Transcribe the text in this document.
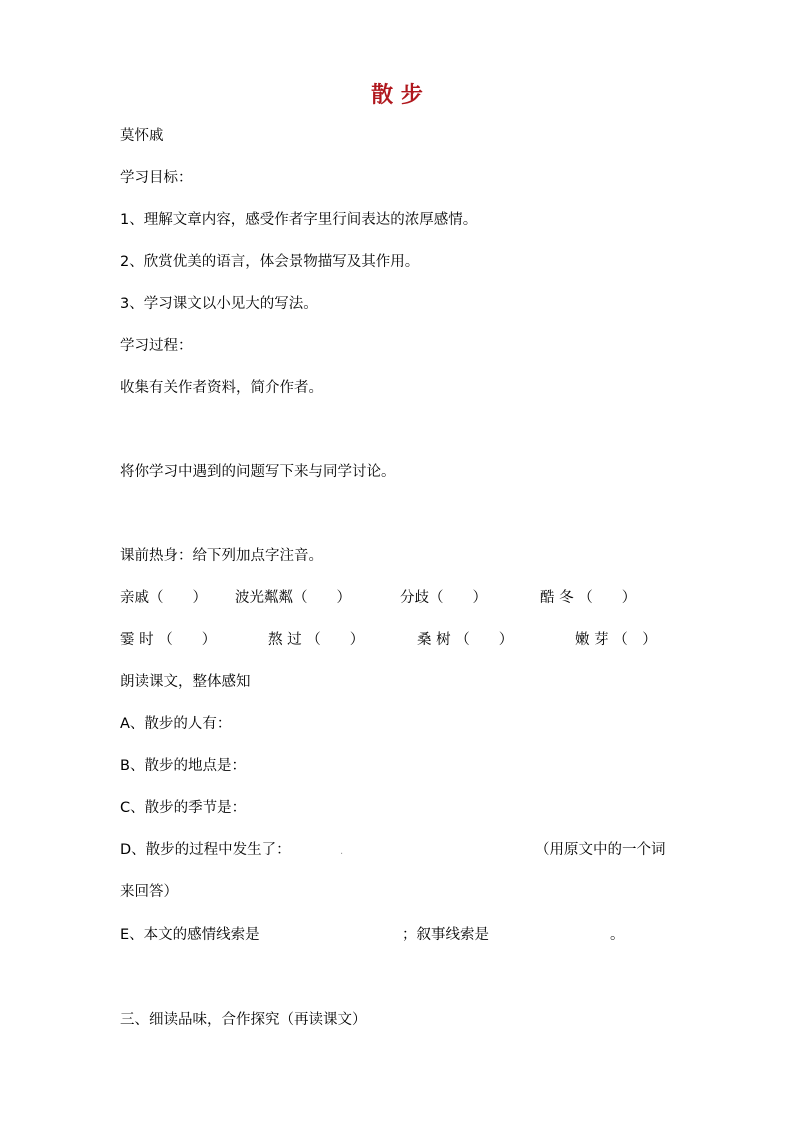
散 步
莫怀戚
学习目标：
1、理解文章内容，感受作者字里行间表达的浓厚感情。
2、欣赏优美的语言，体会景物描写及其作用。
3、学习课文以小见大的写法。
学习过程：
收集有关作者资料，简介作者。
将你学习中遇到的问题写下来与同学讨论。
课前热身：给下列加点字注音。
亲戚（　　） 波光粼粼（　　）	分歧（　　）	酷 冬 （　　）
霎 时 （　　）	熬 过 （　　）	桑 树 （　　）	嫩 芽 （　）
朗读课文，整体感知
A、散步的人有：
B、散步的地点是：
C、散步的季节是：
D、散步的过程中发生了：	.	（用原文中的一个词
来回答）
E、本文的感情线索是	；叙事线索是	。
三、细读品味，合作探究（再读课文）
